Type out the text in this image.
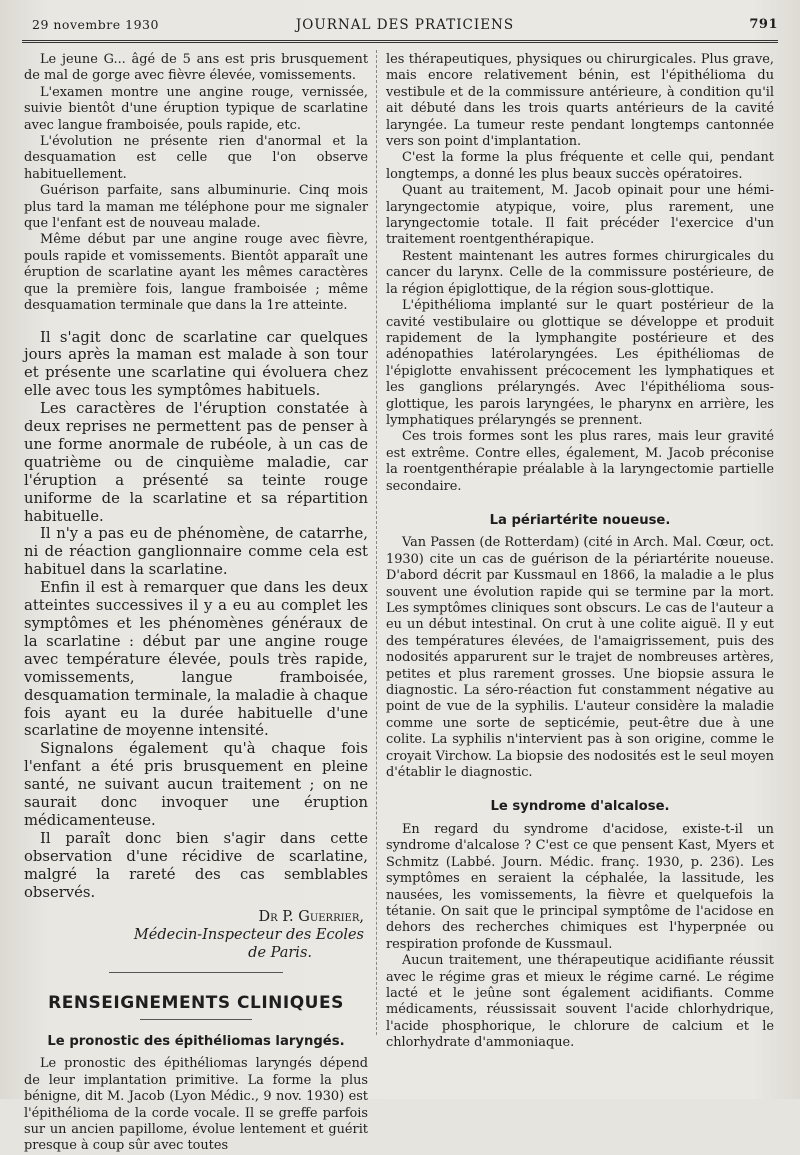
29 novembre 1930	JOURNAL DES PRATICIENS	791

Le jeune G... âgé de 5 ans est pris brusquement de mal de gorge avec fièvre élevée, vomissements.

L'examen montre une angine rouge, vernissée, suivie bientôt d'une éruption typique de scarlatine avec langue framboisée, pouls rapide, etc.

L'évolution ne présente rien d'anormal et la desquamation est celle que l'on observe habituellement.

Guérison parfaite, sans albuminurie. Cinq mois plus tard la maman me téléphone pour me signaler que l'enfant est de nouveau malade.

Même début par une angine rouge avec fièvre, pouls rapide et vomissements. Bientôt apparaît une éruption de scarlatine ayant les mêmes caractères que la première fois, langue framboisée ; même desquamation terminale que dans la 1re atteinte.

Il s'agit donc de scarlatine car quelques jours après la maman est malade à son tour et présente une scarlatine qui évoluera chez elle avec tous les symptômes habituels.

Les caractères de l'éruption constatée à deux reprises ne permettent pas de penser à une forme anormale de rubéole, à un cas de quatrième ou de cinquième maladie, car l'éruption a présenté sa teinte rouge uniforme de la scarlatine et sa répartition habituelle.

Il n'y a pas eu de phénomène, de catarrhe, ni de réaction ganglionnaire comme cela est habituel dans la scarlatine.

Enfin il est à remarquer que dans les deux atteintes successives il y a eu au complet les symptômes et les phénomènes généraux de la scarlatine : début par une angine rouge avec température élevée, pouls très rapide, vomissements, langue framboisée, desquamation terminale, la maladie à chaque fois ayant eu la durée habituelle d'une scarlatine de moyenne intensité.

Signalons également qu'à chaque fois l'enfant a été pris brusquement en pleine santé, ne suivant aucun traitement ; on ne saurait donc invoquer une éruption médicamenteuse.

Il paraît donc bien s'agir dans cette observation d'une récidive de scarlatine, malgré la rareté des cas semblables observés.

Dr P. Guerrier,
Médecin-Inspecteur des Ecoles
de Paris.
RENSEIGNEMENTS CLINIQUES
Le pronostic des épithéliomas laryngés.

Le pronostic des épithéliomas laryngés dépend de leur implantation primitive. La forme la plus bénigne, dit M. Jacob (Lyon Médic., 9 nov. 1930) est l'épithélioma de la corde vocale. Il se greffe parfois sur un ancien papillome, évolue lentement et guérit presque à coup sûr avec toutes

les thérapeutiques, physiques ou chirurgicales. Plus grave, mais encore relativement bénin, est l'épithélioma du vestibule et de la commissure antérieure, à condition qu'il ait débuté dans les trois quarts antérieurs de la cavité laryngée. La tumeur reste pendant longtemps cantonnée vers son point d'implantation.

C'est la forme la plus fréquente et celle qui, pendant longtemps, a donné les plus beaux succès opératoires.

Quant au traitement, M. Jacob opinait pour une hémi-laryngectomie atypique, voire, plus rarement, une laryngectomie totale. Il fait précéder l'exercice d'un traitement roentgenthérapique.

Restent maintenant les autres formes chirurgicales du cancer du larynx. Celle de la commissure postérieure, de la région épiglottique, de la région sous-glottique.

L'épithélioma implanté sur le quart postérieur de la cavité vestibulaire ou glottique se développe et produit rapidement de la lymphangite postérieure et des adénopathies latérolaryngées. Les épithéliomas de l'épiglotte envahissent précocement les lymphatiques et les ganglions prélaryngés. Avec l'épithélioma sous-glottique, les parois laryngées, le pharynx en arrière, les lymphatiques prélaryngés se prennent.

Ces trois formes sont les plus rares, mais leur gravité est extrême. Contre elles, également, M. Jacob préconise la roentgenthérapie préalable à la laryngectomie partielle secondaire.

La périartérite noueuse.

Van Passen (de Rotterdam) (cité in Arch. Mal. Cœur, oct. 1930) cite un cas de guérison de la périartérite noueuse. D'abord décrit par Kussmaul en 1866, la maladie a le plus souvent une évolution rapide qui se termine par la mort. Les symptômes cliniques sont obscurs. Le cas de l'auteur a eu un début intestinal. On crut à une colite aiguë. Il y eut des températures élevées, de l'amaigrissement, puis des nodosités apparurent sur le trajet de nombreuses artères, petites et plus rarement grosses. Une biopsie assura le diagnostic. La séro-réaction fut constamment négative au point de vue de la syphilis. L'auteur considère la maladie comme une sorte de septicémie, peut-être due à une colite. La syphilis n'intervient pas à son origine, comme le croyait Virchow. La biopsie des nodosités est le seul moyen d'établir le diagnostic.

Le syndrome d'alcalose.

En regard du syndrome d'acidose, existe-t-il un syndrome d'alcalose ? C'est ce que pensent Kast, Myers et Schmitz (Labbé. Journ. Médic. franç. 1930, p. 236). Les symptômes en seraient la céphalée, la lassitude, les nausées, les vomissements, la fièvre et quelquefois la tétanie. On sait que le principal symptôme de l'acidose en dehors des recherches chimiques est l'hyperpnée ou respiration profonde de Kussmaul.

Aucun traitement, une thérapeutique acidifiante réussit avec le régime gras et mieux le régime carné. Le régime lacté et le jeûne sont également acidifiants. Comme médicaments, réussissait souvent l'acide chlorhydrique, l'acide phosphorique, le chlorure de calcium et le chlorhydrate d'ammoniaque.
